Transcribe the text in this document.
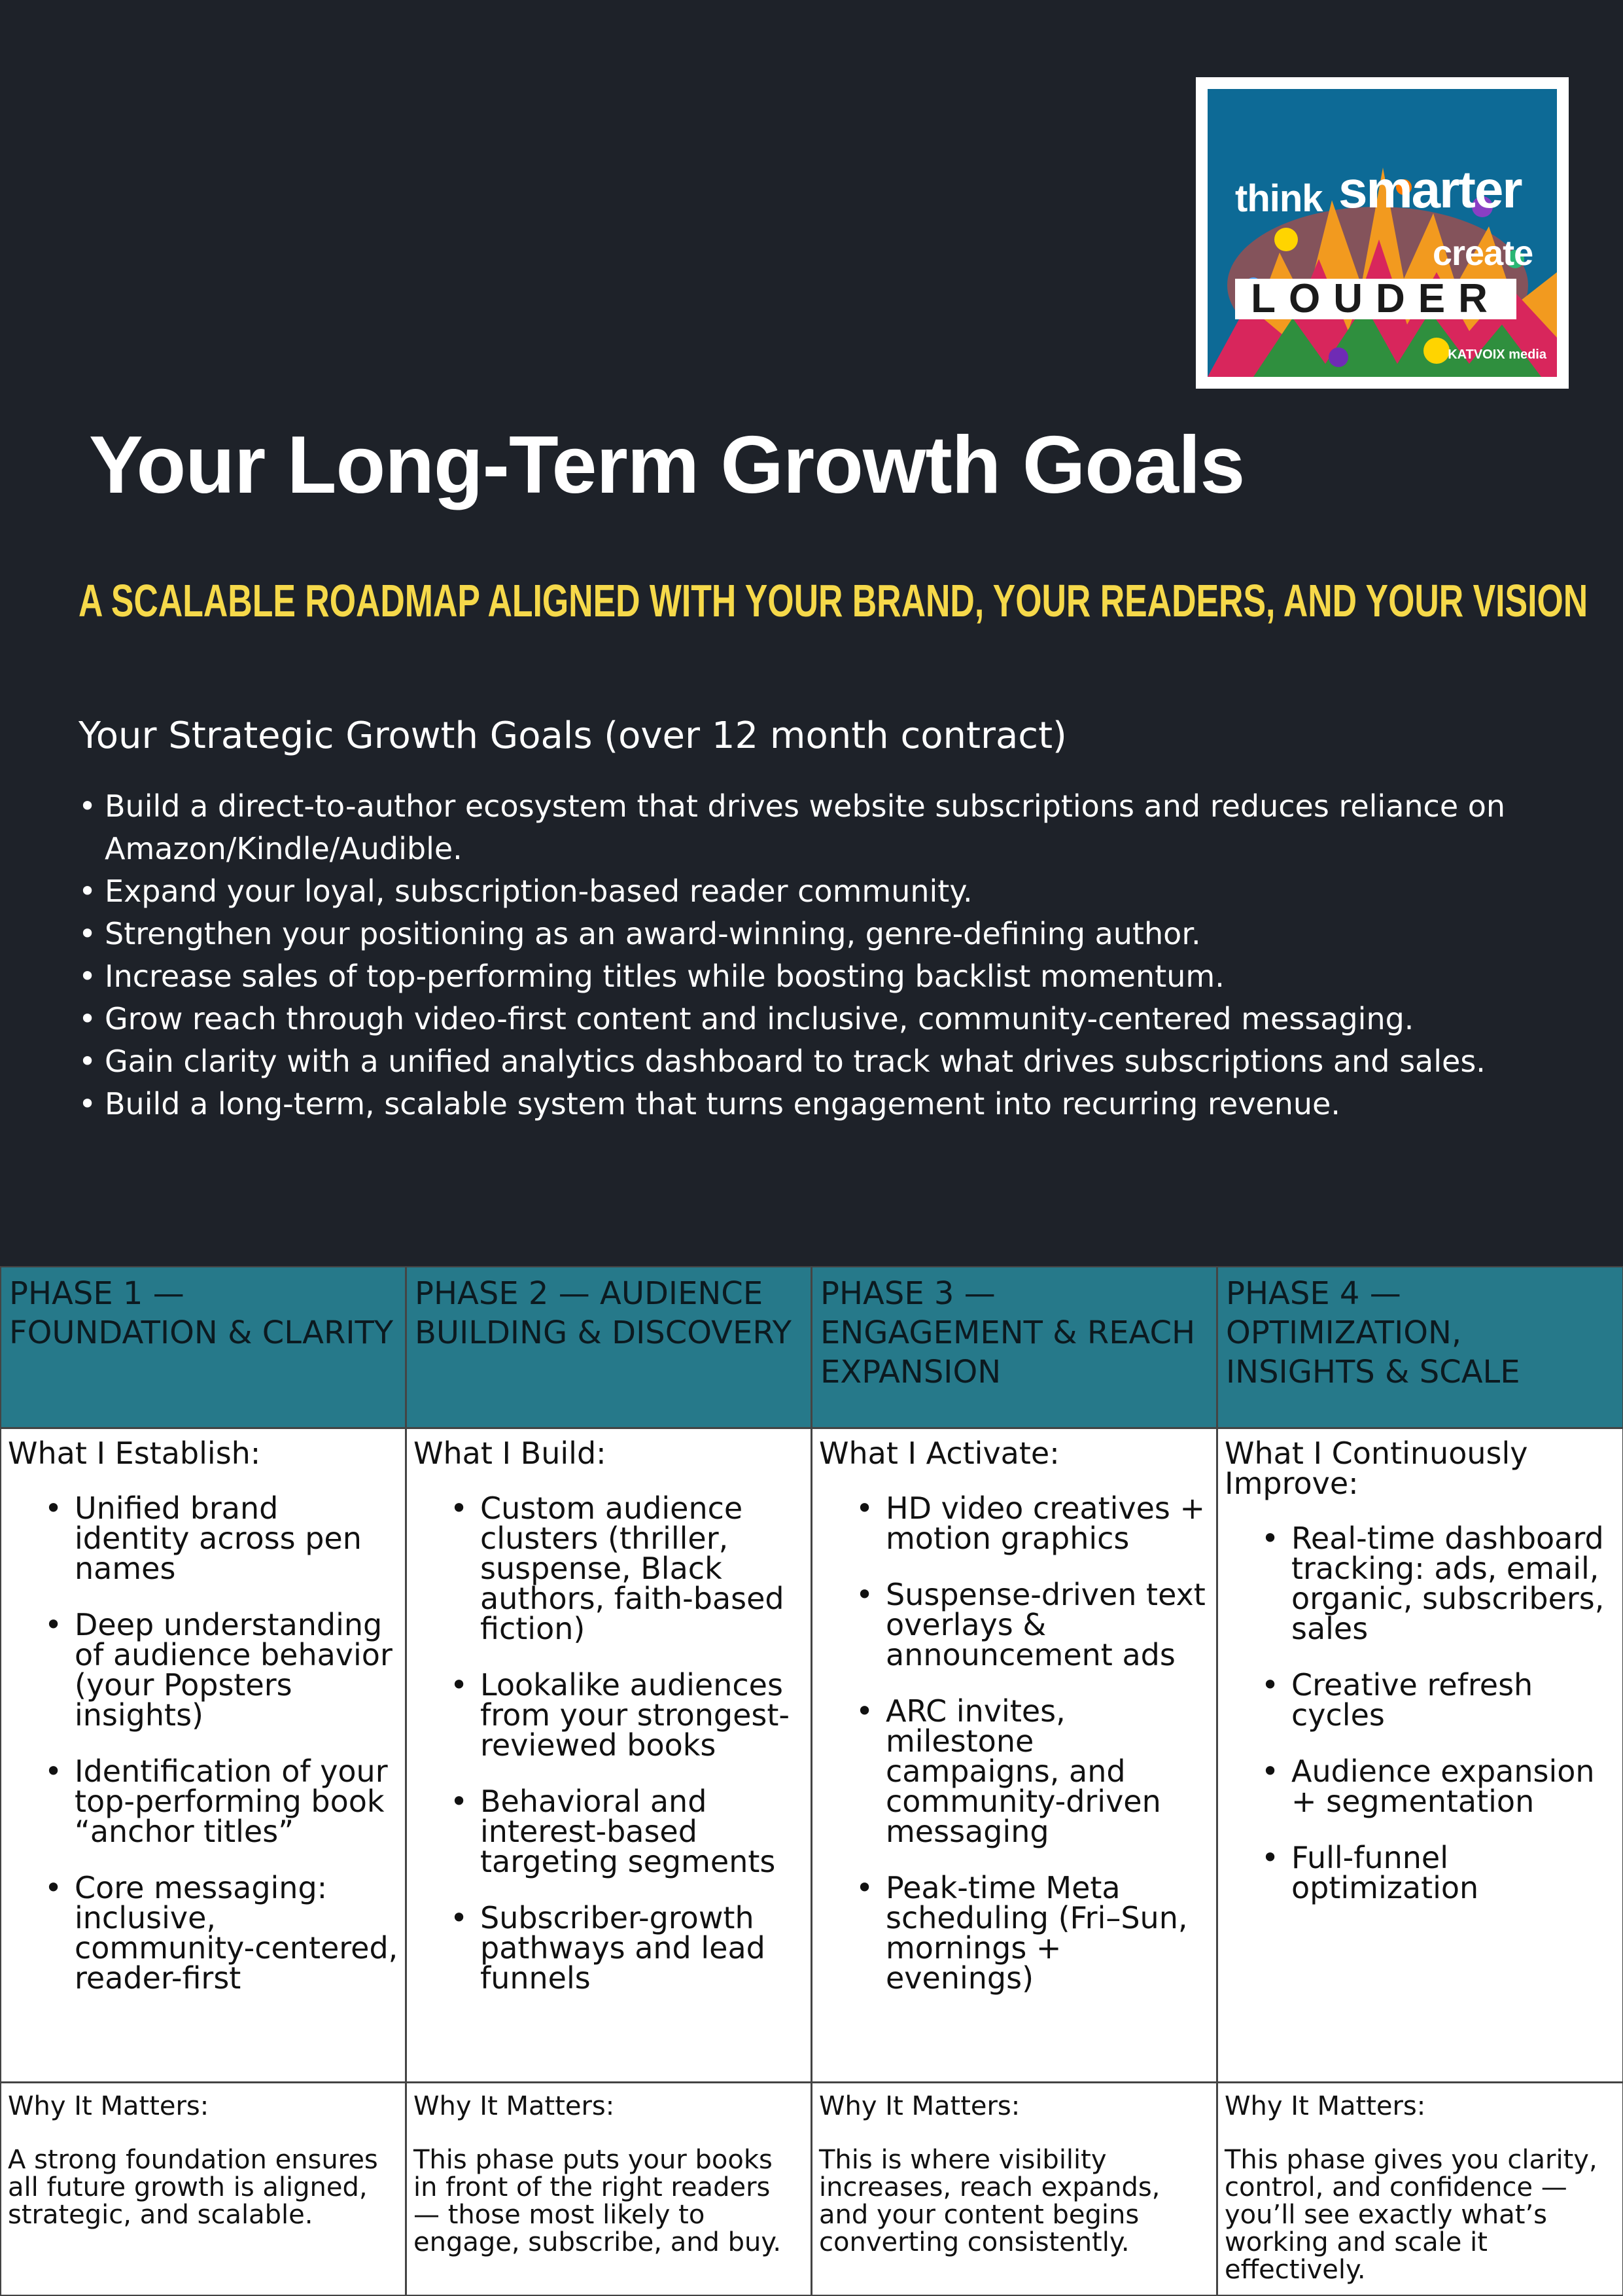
think smarter
create
LOUDER
KATVOIX media
Your Long-Term Growth Goals
A SCALABLE ROADMAP ALIGNED WITH YOUR BRAND, YOUR READERS, AND YOUR VISION
Your Strategic Growth Goals (over 12 month contract)
• Build a direct-to-author ecosystem that drives website subscriptions and reduces reliance on Amazon/Kindle/Audible.
• Expand your loyal, subscription-based reader community.
• Strengthen your positioning as an award-winning, genre-defining author.
• Increase sales of top-performing titles while boosting backlist momentum.
• Grow reach through video-first content and inclusive, community-centered messaging.
• Gain clarity with a unified analytics dashboard to track what drives subscriptions and sales.
• Build a long-term, scalable system that turns engagement into recurring revenue.
PHASE 1 — FOUNDATION & CLARITY
PHASE 2 — AUDIENCE BUILDING & DISCOVERY
PHASE 3 — ENGAGEMENT & REACH EXPANSION
PHASE 4 — OPTIMIZATION, INSIGHTS & SCALE
What I Establish:
• Unified brand identity across pen names
• Deep understanding of audience behavior (your Popsters insights)
• Identification of your top-performing book “anchor titles”
• Core messaging: inclusive, community-centered, reader-first
What I Build:
• Custom audience clusters (thriller, suspense, Black authors, faith-based fiction)
• Lookalike audiences from your strongest-reviewed books
• Behavioral and interest-based targeting segments
• Subscriber-growth pathways and lead funnels
What I Activate:
• HD video creatives + motion graphics
• Suspense-driven text overlays & announcement ads
• ARC invites, milestone campaigns, and community-driven messaging
• Peak-time Meta scheduling (Fri–Sun, mornings + evenings)
What I Continuously Improve:
• Real-time dashboard tracking: ads, email, organic, subscribers, sales
• Creative refresh cycles
• Audience expansion + segmentation
• Full-funnel optimization
Why It Matters:

A strong foundation ensures all future growth is aligned, strategic, and scalable.

Why It Matters:

This phase puts your books in front of the right readers — those most likely to engage, subscribe, and buy.

Why It Matters:

This is where visibility increases, reach expands, and your content begins converting consistently.

Why It Matters:

This phase gives you clarity, control, and confidence — you’ll see exactly what’s working and scale it effectively.
